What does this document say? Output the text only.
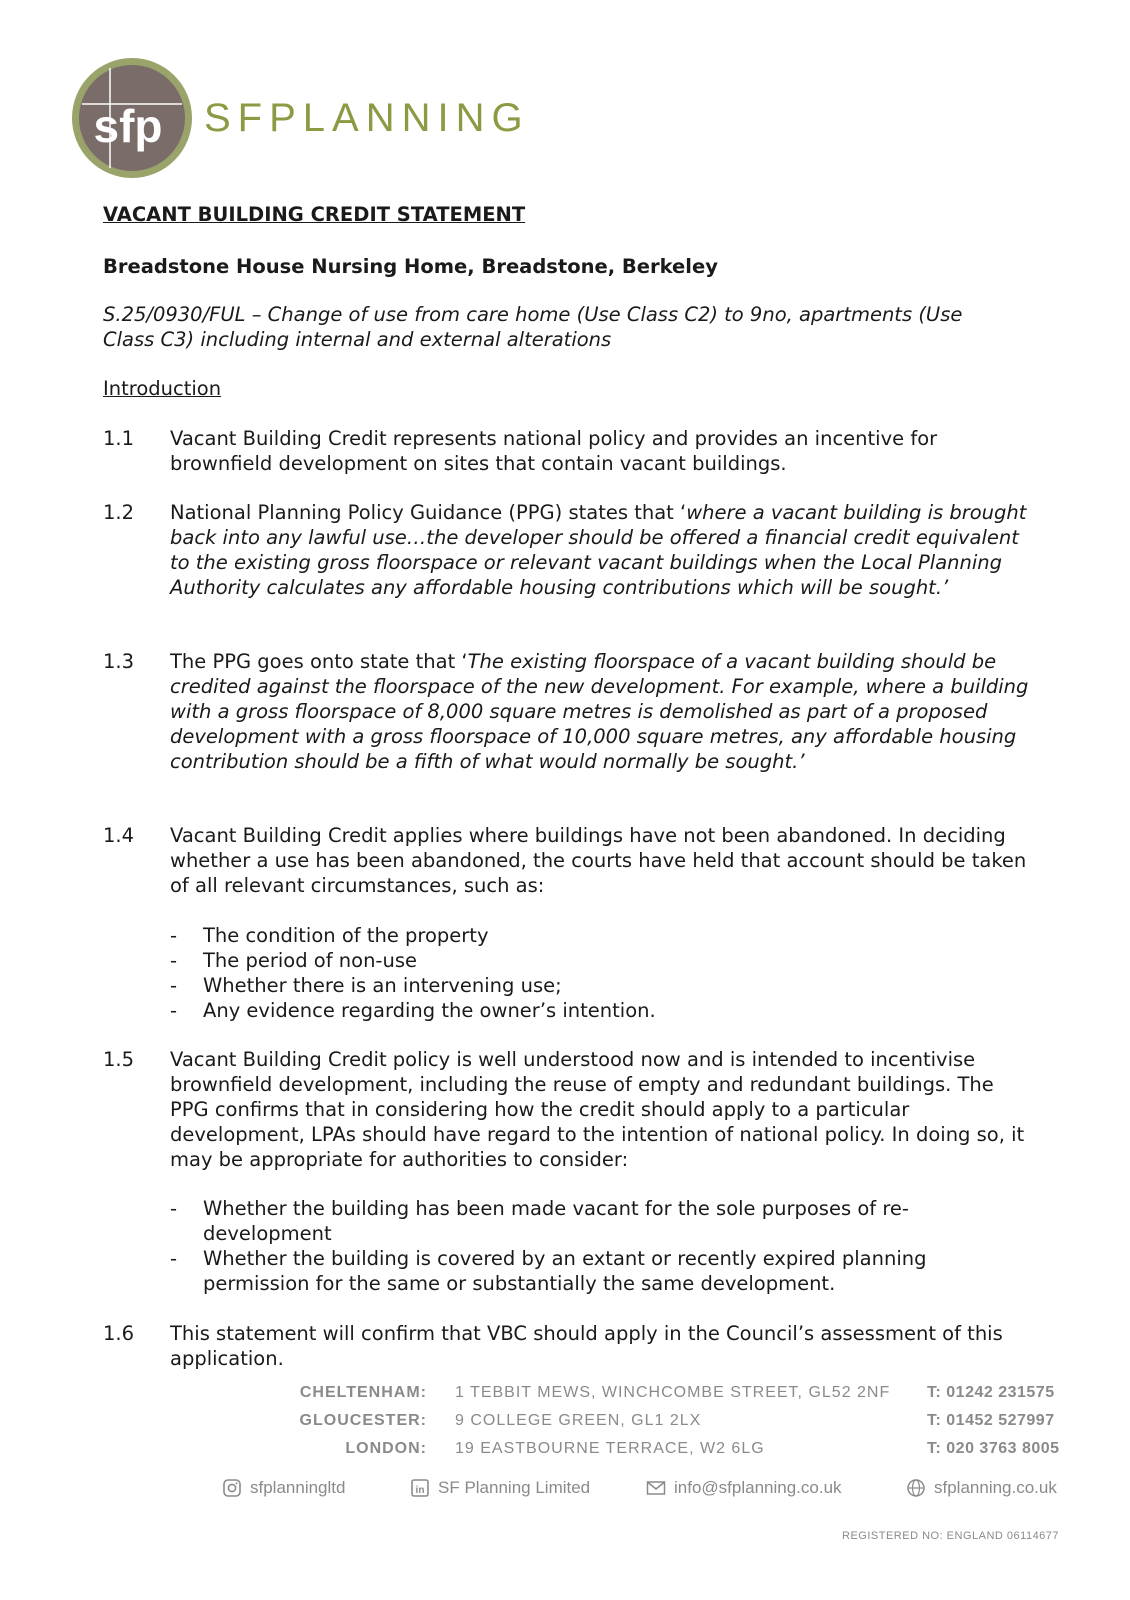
sfp SFPLANNING
VACANT BUILDING CREDIT STATEMENT
Breadstone House Nursing Home, Breadstone, Berkeley
S.25/0930/FUL – Change of use from care home (Use Class C2) to 9no, apartments (Use Class C3) including internal and external alterations
Introduction
1.1 Vacant Building Credit represents national policy and provides an incentive for brownfield development on sites that contain vacant buildings.
1.2 National Planning Policy Guidance (PPG) states that ‘where a vacant building is brought back into any lawful use…the developer should be offered a financial credit equivalent to the existing gross floorspace or relevant vacant buildings when the Local Planning Authority calculates any affordable housing contributions which will be sought.’
1.3 The PPG goes onto state that ‘The existing floorspace of a vacant building should be credited against the floorspace of the new development. For example, where a building with a gross floorspace of 8,000 square metres is demolished as part of a proposed development with a gross floorspace of 10,000 square metres, any affordable housing contribution should be a fifth of what would normally be sought.’
1.4 Vacant Building Credit applies where buildings have not been abandoned. In deciding whether a use has been abandoned, the courts have held that account should be taken of all relevant circumstances, such as:
- The condition of the property
- The period of non-use
- Whether there is an intervening use;
- Any evidence regarding the owner’s intention.
1.5 Vacant Building Credit policy is well understood now and is intended to incentivise brownfield development, including the reuse of empty and redundant buildings. The PPG confirms that in considering how the credit should apply to a particular development, LPAs should have regard to the intention of national policy. In doing so, it may be appropriate for authorities to consider:
- Whether the building has been made vacant for the sole purposes of re-development
- Whether the building is covered by an extant or recently expired planning permission for the same or substantially the same development.
1.6 This statement will confirm that VBC should apply in the Council’s assessment of this application.
CHELTENHAM: 1 TEBBIT MEWS, WINCHCOMBE STREET, GL52 2NF T: 01242 231575
GLOUCESTER: 9 COLLEGE GREEN, GL1 2LX	T: 01452 527997
LONDON: 19 EASTBOURNE TERRACE, W2 6LG	T: 020 3763 8005
sfplanningltd	in SF Planning Limited	info@sfplanning.co.uk	sfplanning.co.uk
REGISTERED NO: ENGLAND 06114677
